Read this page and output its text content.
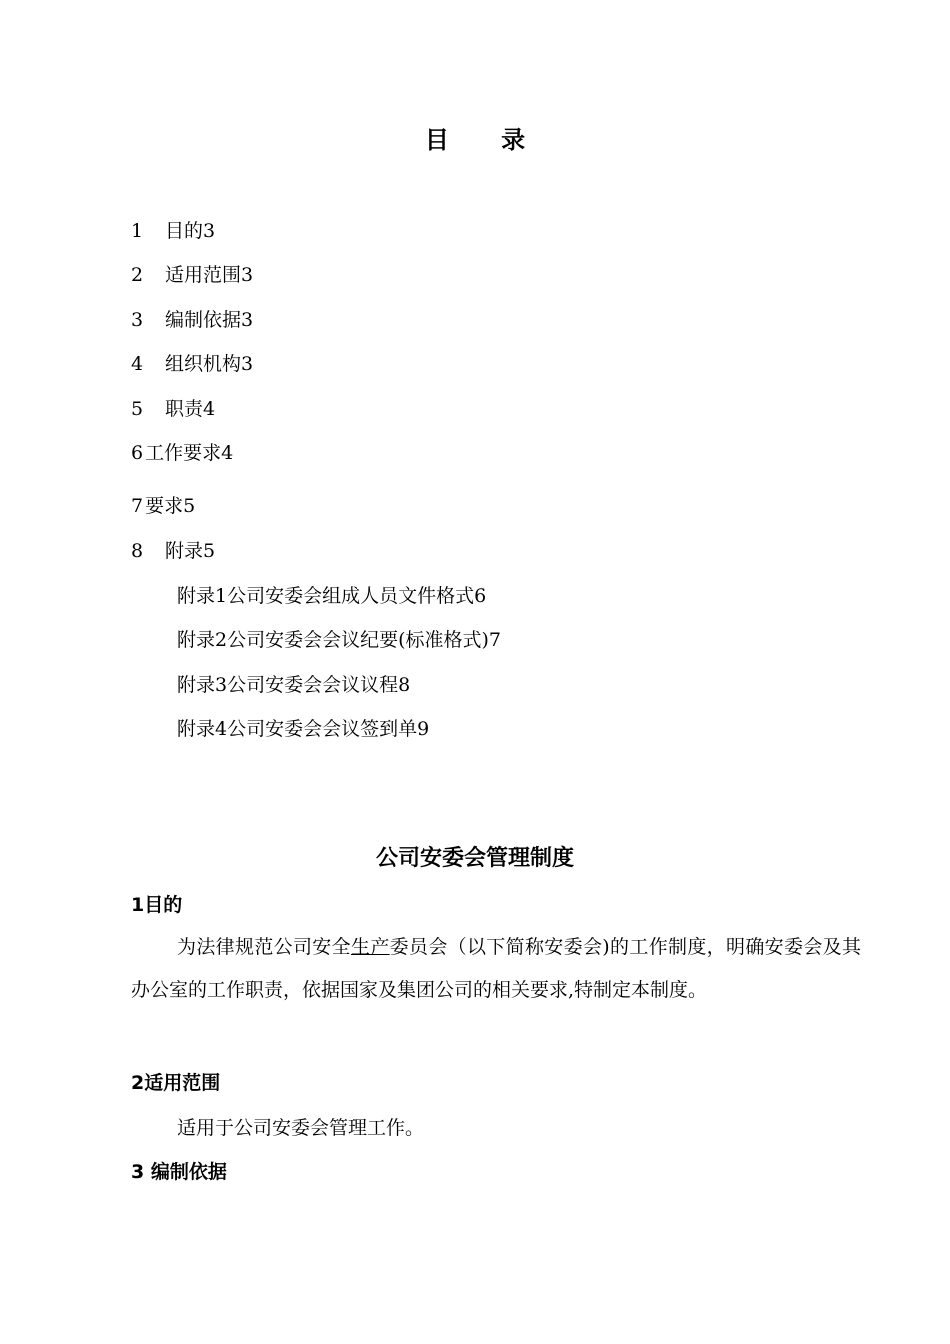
目 录
1 目的3
2 适用范围3
3 编制依据3
4 组织机构3
5 职责4
6 工作要求4
7 要求5
8 附录5
附录1公司安委会组成人员文件格式6
附录2公司安委会会议纪要(标准格式)7
附录3公司安委会会议议程8
附录4公司安委会会议签到单9
公司安委会管理制度
1目的
为法律规范公司安全生产委员会（以下简称安委会)的工作制度，明确安委会及其办公室的工作职责，依据国家及集团公司的相关要求,特制定本制度。
2适用范围
适用于公司安委会管理工作。
3 编制依据
